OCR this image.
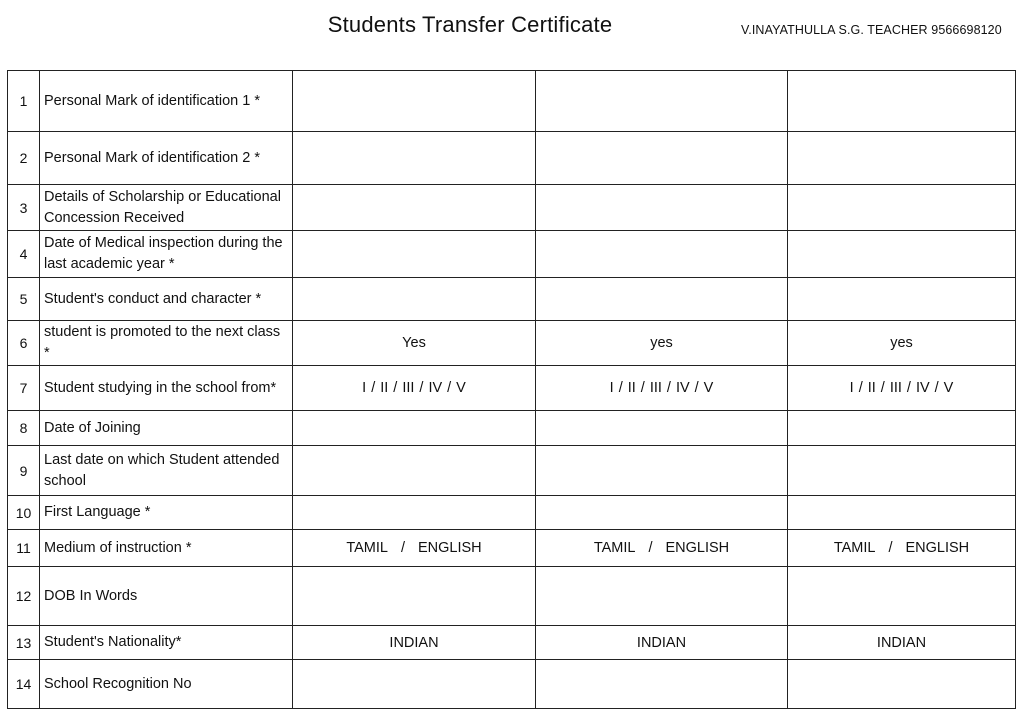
Students Transfer Certificate	V.INAYATHULLA S.G. TEACHER 9566698120
1	Personal Mark of identification 1 *			
2	Personal Mark of identification 2 *			
3	Details of Scholarship or Educational Concession Received			
4	Date of Medical inspection during the last academic year *			
5	Student's conduct and character *			
6	student is promoted to the next class *	Yes	yes	yes
7	Student studying in the school from*	I / II / III / IV / V	I / II / III / IV / V	I / II / III / IV / V
8	Date of Joining			
9	Last date on which Student attended school			
10	First Language *			
11	Medium of instruction *	TAMIL / ENGLISH	TAMIL / ENGLISH	TAMIL / ENGLISH
12	DOB In Words			
13	Student's Nationality*	INDIAN	INDIAN	INDIAN
14	School Recognition No			
